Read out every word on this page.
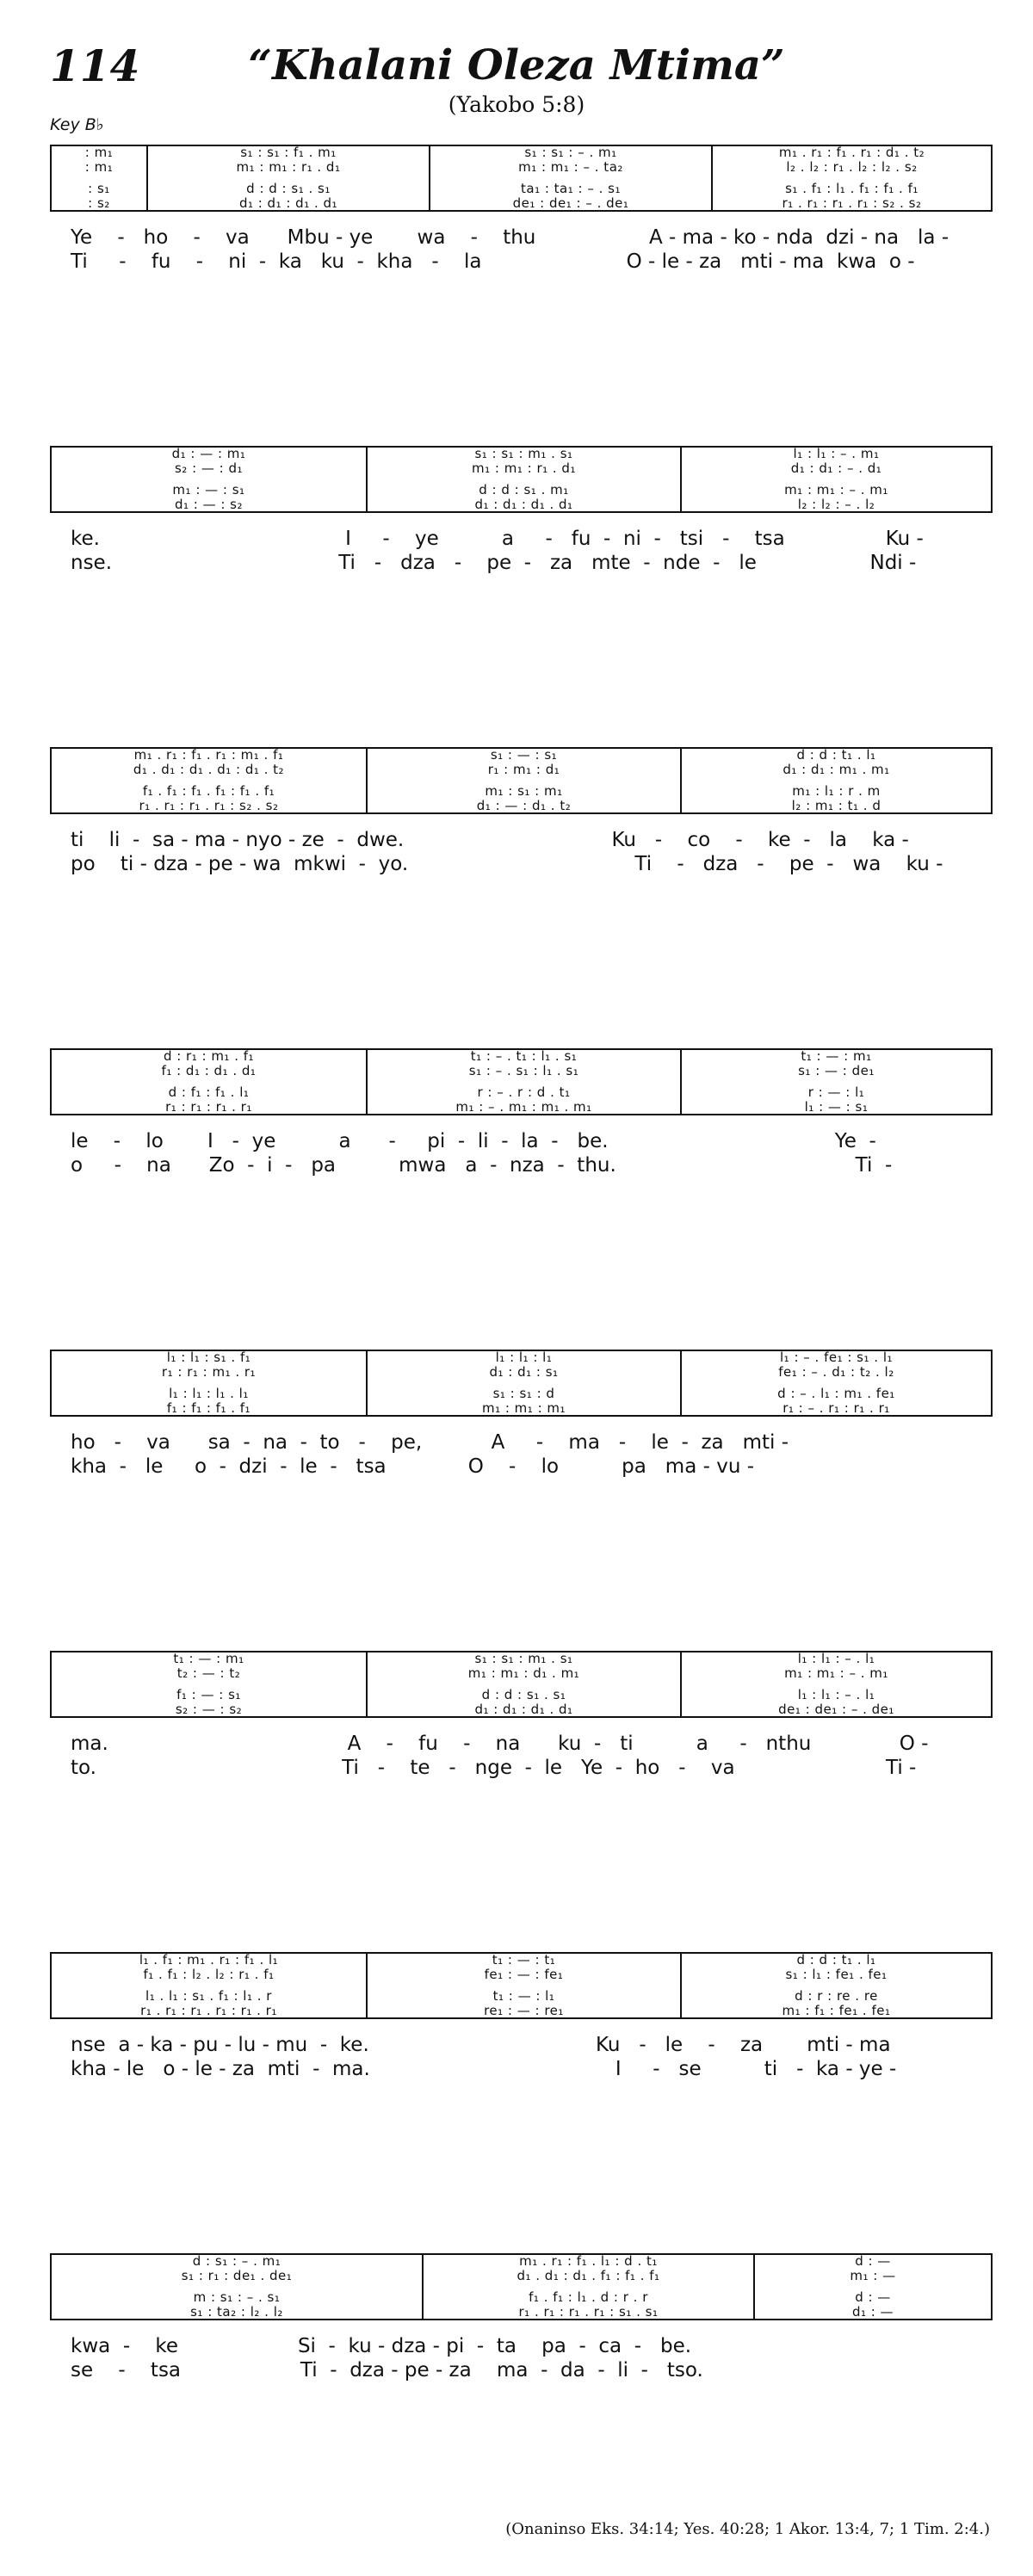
114	“Khalani Oleza Mtima”
(Yakobo 5:8)
Key B♭
: m₁
: m₁
: s₁
: s₂
s₁ : s₁ : f₁ . m₁
m₁ : m₁ : r₁ . d₁
d : d : s₁ . s₁
d₁ : d₁ : d₁ . d₁
s₁ : s₁ : – . m₁
m₁ : m₁ : – . ta₂
ta₁ : ta₁ : – . s₁
de₁ : de₁ : – . de₁
m₁ . r₁ : f₁ . r₁ : d₁ . t₂
l₂ . l₂ : r₁ . l₂ : l₂ . s₂
s₁ . f₁ : l₁ . f₁ : f₁ . f₁
r₁ . r₁ : r₁ . r₁ : s₂ . s₂
Ye    -   ho    -    va      Mbu - ye       wa    -    thu                  A - ma - ko - nda  dzi - na   la -
Ti     -    fu    -    ni  -  ka   ku  -  kha   -    la                       O - le - za   mti - ma  kwa  o -
d₁ : — : m₁
s₂ : — : d₁
m₁ : — : s₁
d₁ : — : s₂
s₁ : s₁ : m₁ . s₁
m₁ : m₁ : r₁ . d₁
d : d : s₁ . m₁
d₁ : d₁ : d₁ . d₁
l₁ : l₁ : – . m₁
d₁ : d₁ : – . d₁
m₁ : m₁ : – . m₁
l₂ : l₂ : – . l₂
ke.                                       I     -    ye          a     -   fu  -  ni  -   tsi   -    tsa                Ku -
nse.                                    Ti   -   dza   -    pe  -   za   mte  -  nde  -   le                  Ndi -
m₁ . r₁ : f₁ . r₁ : m₁ . f₁
d₁ . d₁ : d₁ . d₁ : d₁ . t₂
f₁ . f₁ : f₁ . f₁ : f₁ . f₁
r₁ . r₁ : r₁ . r₁ : s₂ . s₂
s₁ : — : s₁
r₁ : m₁ : d₁
m₁ : s₁ : m₁
d₁ : — : d₁ . t₂
d : d : t₁ . l₁
d₁ : d₁ : m₁ . m₁
m₁ : l₁ : r . m
l₂ : m₁ : t₁ . d
ti    li  -  sa - ma - nyo - ze  -  dwe.                                 Ku   -    co    -    ke  -   la    ka -
po    ti - dza - pe - wa  mkwi  -  yo.                                    Ti    -   dza   -    pe  -   wa    ku -
d : r₁ : m₁ . f₁
f₁ : d₁ : d₁ . d₁
d : f₁ : f₁ . l₁
r₁ : r₁ : r₁ . r₁
t₁ : – . t₁ : l₁ . s₁
s₁ : – . s₁ : l₁ . s₁
r : – . r : d . t₁
m₁ : – . m₁ : m₁ . m₁
t₁ : — : m₁
s₁ : — : de₁
r : — : l₁
l₁ : — : s₁
le    -    lo       I   -  ye          a      -     pi  -  li  -  la  -   be.                                    Ye  -
o     -    na      Zo  -  i  -   pa          mwa   a  -  nza  -  thu.                                      Ti  -
l₁ : l₁ : s₁ . f₁
r₁ : r₁ : m₁ . r₁
l₁ : l₁ : l₁ . l₁
f₁ : f₁ : f₁ . f₁
l₁ : l₁ : l₁
d₁ : d₁ : s₁
s₁ : s₁ : d
m₁ : m₁ : m₁
l₁ : – . fe₁ : s₁ . l₁
fe₁ : – . d₁ : t₂ . l₂
d : – . l₁ : m₁ . fe₁
r₁ : – . r₁ : r₁ . r₁
ho   -    va      sa  -  na  -  to   -    pe,           A     -    ma   -    le  -  za   mti -
kha  -   le     o  -  dzi  -  le  -   tsa             O    -    lo          pa   ma - vu -
t₁ : — : m₁
t₂ : — : t₂
f₁ : — : s₁
s₂ : — : s₂
s₁ : s₁ : m₁ . s₁
m₁ : m₁ : d₁ . m₁
d : d : s₁ . s₁
d₁ : d₁ : d₁ . d₁
l₁ : l₁ : – . l₁
m₁ : m₁ : – . m₁
l₁ : l₁ : – . l₁
de₁ : de₁ : – . de₁
ma.                                      A    -    fu    -    na      ku  -   ti          a     -   nthu              O -
to.                                       Ti   -    te   -   nge  -  le   Ye  -  ho   -    va                        Ti -
l₁ . f₁ : m₁ . r₁ : f₁ . l₁
f₁ . f₁ : l₂ . l₂ : r₁ . f₁
l₁ . l₁ : s₁ . f₁ : l₁ . r
r₁ . r₁ : r₁ . r₁ : r₁ . r₁
t₁ : — : t₁
fe₁ : — : fe₁
t₁ : — : l₁
re₁ : — : re₁
d : d : t₁ . l₁
s₁ : l₁ : fe₁ . fe₁
d : r : re . re
m₁ : f₁ : fe₁ . fe₁
nse  a - ka - pu - lu - mu  -  ke.                                    Ku   -   le    -    za       mti - ma
kha - le   o - le - za  mti  -  ma.                                       I     -   se          ti   -  ka - ye -
d : s₁ : – . m₁
s₁ : r₁ : de₁ . de₁
m : s₁ : – . s₁
s₁ : ta₂ : l₂ . l₂
m₁ . r₁ : f₁ . l₁ : d . t₁
d₁ . d₁ : d₁ . f₁ : f₁ . f₁
f₁ . f₁ : l₁ . d : r . r
r₁ . r₁ : r₁ . r₁ : s₁ . s₁
d : —
m₁ : —
d : —
d₁ : —
kwa  -    ke                   Si  -  ku - dza - pi  -  ta    pa  -  ca  -   be.
se    -    tsa                   Ti  -  dza - pe - za    ma  -  da  -  li  -   tso.
(Onaninso Eks. 34:14; Yes. 40:28; 1 Akor. 13:4, 7; 1 Tim. 2:4.)
